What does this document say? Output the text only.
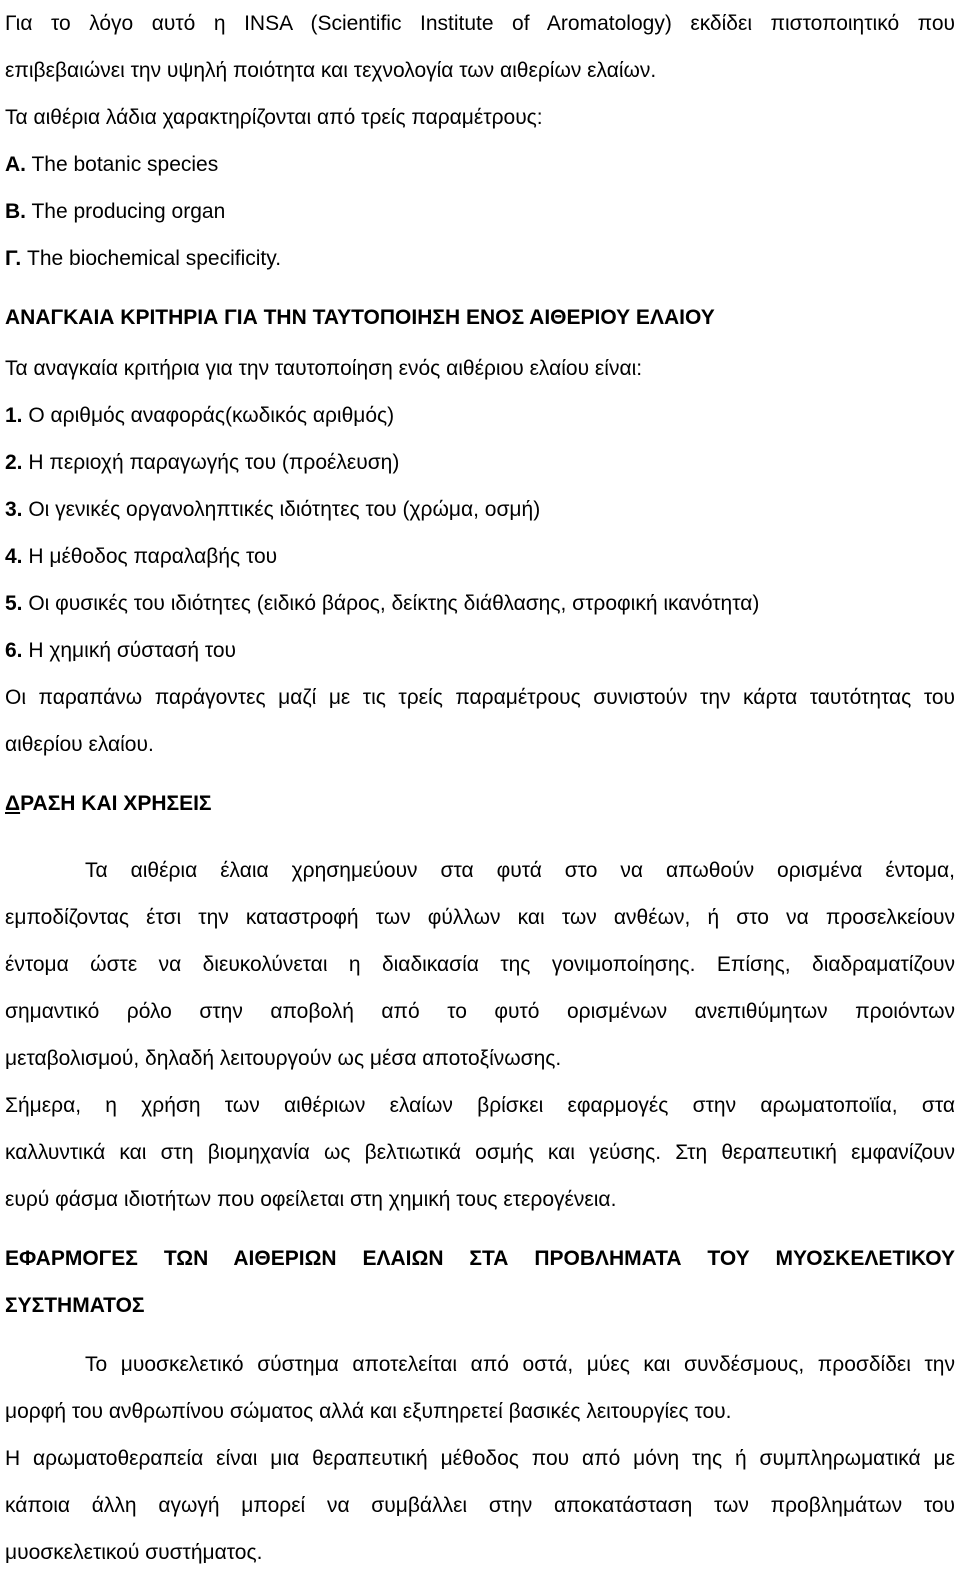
Για το λόγο αυτό η INSA (Scientific Institute of Aromatology) εκδίδει πιστοποιητικό που
επιβεβαιώνει την υψηλή ποιότητα και τεχνολογία των αιθερίων ελαίων.
Τα αιθέρια λάδια χαρακτηρίζονται από τρείς παραμέτρους:
A. The botanic species
B. The producing organ
Γ. The biochemical specificity.
ΑΝΑΓΚΑΙΑ ΚΡΙΤΗΡΙΑ ΓΙΑ ΤΗΝ ΤΑΥΤΟΠΟΙΗΣΗ ΕΝΟΣ ΑΙΘΕΡΙΟΥ ΕΛΑΙΟΥ
Τα αναγκαία κριτήρια για την ταυτοποίηση ενός αιθέριου ελαίου είναι:
1. Ο αριθμός αναφοράς(κωδικός αριθμός)
2. Η περιοχή παραγωγής του (προέλευση)
3. Οι γενικές οργανοληπτικές ιδιότητες του (χρώμα, οσμή)
4. Η μέθοδος παραλαβής του
5. Οι φυσικές του ιδιότητες (ειδικό βάρος, δείκτης διάθλασης, στροφική ικανότητα)
6. Η χημική σύστασή του
Οι παραπάνω παράγοντες μαζί με τις τρείς παραμέτρους συνιστούν την κάρτα ταυτότητας του
αιθερίου ελαίου.
ΔΡΑΣΗ ΚΑΙ ΧΡΗΣΕΙΣ
Τα αιθέρια έλαια χρησημεύουν στα φυτά στο να απωθούν ορισμένα έντομα,
εμποδίζοντας έτσι την καταστροφή των φύλλων και των ανθέων, ή στο να προσελκείουν
έντομα ώστε να διευκολύνεται η διαδικασία της γονιμοποίησης. Επίσης, διαδραματίζουν
σημαντικό ρόλο στην αποβολή από το φυτό ορισμένων ανεπιθύμητων προιόντων
μεταβολισμού, δηλαδή λειτουργούν ως μέσα αποτοξίνωσης.
Σήμερα, η χρήση των αιθέριων ελαίων βρίσκει εφαρμογές στην αρωματοποϊία, στα
καλλυντικά και στη βιομηχανία ως βελτιωτικά οσμής και γεύσης. Στη θεραπευτική εμφανίζουν
ευρύ φάσμα ιδιοτήτων που οφείλεται στη χημική τους ετερογένεια.
ΕΦΑΡΜΟΓΕΣ ΤΩΝ ΑΙΘΕΡΙΩΝ ΕΛΑΙΩΝ ΣΤΑ ΠΡΟΒΛΗΜΑΤΑ ΤΟΥ ΜΥΟΣΚΕΛΕΤΙΚΟΥ
ΣΥΣΤΗΜΑΤΟΣ
Το μυοσκελετικό σύστημα αποτελείται από οστά, μύες και συνδέσμους, προσδίδει την
μορφή του ανθρωπίνου σώματος αλλά και εξυπηρετεί βασικές λειτουργίες του.
Η αρωματοθεραπεία είναι μια θεραπευτική μέθοδος που από μόνη της ή συμπληρωματικά με
κάποια άλλη αγωγή μπορεί να συμβάλλει στην αποκατάσταση των προβλημάτων του
μυοσκελετικού συστήματος.
